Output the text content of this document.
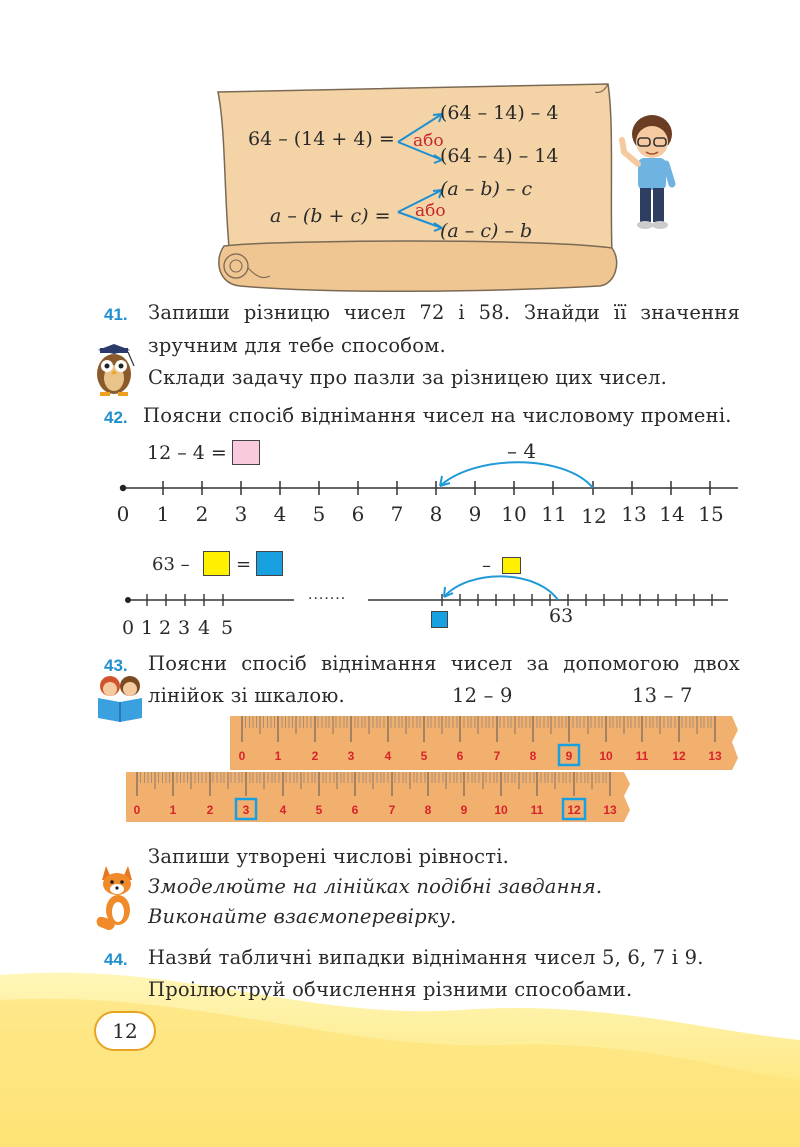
64 – (14 + 4) =
(64 – 14) – 4
або
(64 – 4) – 14
a – (b + c) =
(a – b) – c
або
(a – c) – b
41. Запиши різницю чисел 72 і 58. Знайди її значення
зручним для тебе способом.
Склади задачу про пазли за різницею цих чисел.
42. Поясни спосіб віднімання чисел на числовому промені.
12 – 4 =	– 4
0 1 2 3 4 5 6 7 8 9 10 11 12 13 14 15
63 –	=	–
.......
0 1 2 3 4 5
63
43. Поясни спосіб віднімання чисел за допомогою двох
лінійок зі шкалою.	12 – 9	13 – 7
0 1	2 3	4 5 6	7 8 9 10 11 12 13
0 1	2 3	4 5 6	7 8 9 10 11 12 13
Запиши утворені числові рівності.
Змоделюйте на лінійках подібні завдання.
Виконайте взаємоперевірку.
44. Назви́ табличні випадки віднімання чисел 5, 6, 7 і 9.
Проілюструй обчислення різними способами.
12
